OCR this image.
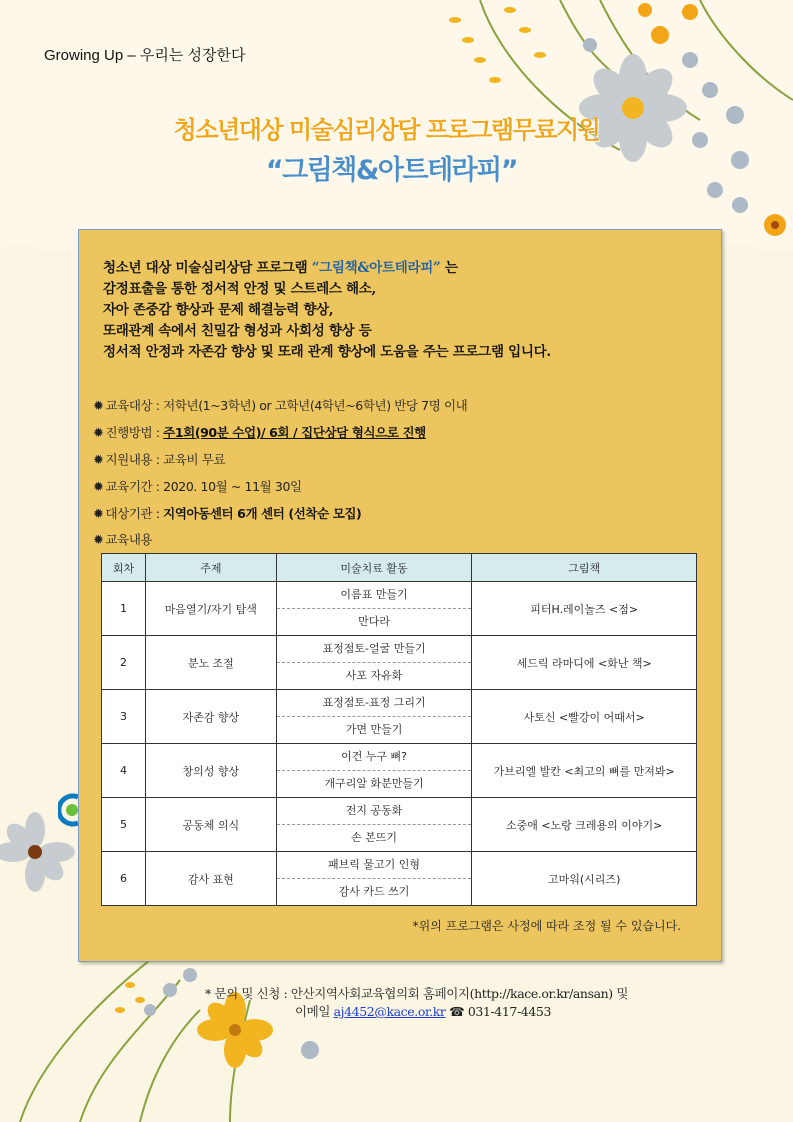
Growing Up – 우리는 성장한다
청소년대상 미술심리상담 프로그램무료지원
“그림책&아트테라피”
청소년 대상 미술심리상담 프로그램 “그림책&아트테라피” 는
감정표출을 통한 정서적 안정 및 스트레스 해소,
자아 존중감 향상과 문제 해결능력 향상,
또래관계 속에서 친밀감 형성과 사회성 향상 등
정서적 안정과 자존감 향상 및 또래 관계 향상에 도움을 주는 프로그램 입니다.
✹ 교육대상 : 저학년(1~3학년) or 고학년(4학년~6학년) 반당 7명 이내
✹ 진행방법 : 주1회(90분 수업)/ 6회 / 집단상담 형식으로 진행
✹ 지원내용 : 교육비 무료
✹ 교육기간 : 2020. 10월 ~ 11월 30일
✹ 대상기관 : 지역아동센터 6개 센터 (선착순 모집)
✹ 교육내용
회차	주제	미술치료 활동	그림책
1	마음열기/자기 탐색	이름표 만들기
만다라	피터H.레이놀즈 <점>
2	분노 조절	표정점토-얼굴 만들기
사포 자유화	세드릭 라마디에 <화난 책>
3	자존감 향상	표정점토-표정 그리기
가면 만들기	사토신 <빨강이 어때서>
4	창의성 향상	이건 누구 뼈?
개구리알 화분만들기	가브리엘 발칸 <최고의 뼈를 만져봐>
5	공동체 의식	전지 공동화
손 본뜨기	소중애 <노랑 크레용의 이야기>
6	감사 표현	패브릭 물고기 인형
감사 카드 쓰기	고마워(시리즈)
*위의 프로그램은 사정에 따라 조정 될 수 있습니다.
* 문의 및 신청 : 안산지역사회교육협의회 홈페이지(http://kace.or.kr/ansan) 및
이메일 aj4452@kace.or.kr ☎ 031-417-4453
